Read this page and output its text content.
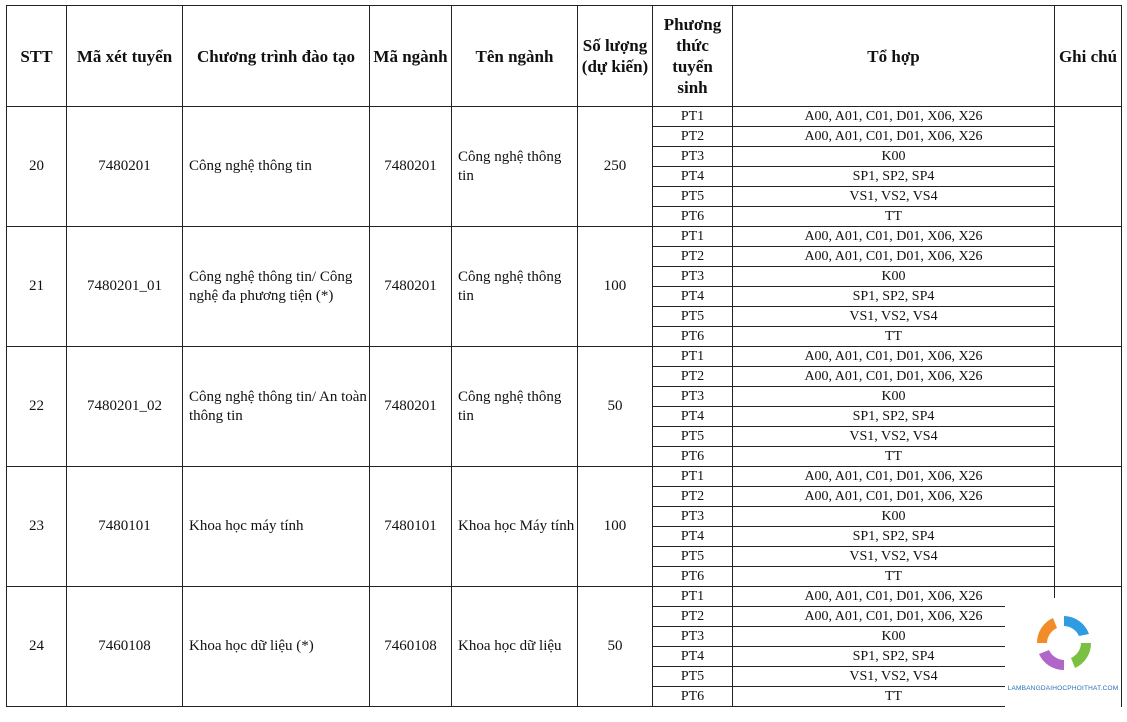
STT	Mã xét tuyển	Chương trình đào tạo	Mã ngành	Tên ngành	Số lượng (dự kiến)	Phương thức tuyển sinh	Tổ hợp	Ghi chú
20	7480201	Công nghệ thông tin	7480201	Công nghệ thông tin	250	PT1	A00, A01, C01, D01, X06, X26	
						PT2	A00, A01, C01, D01, X06, X26	
						PT3	K00	
						PT4	SP1, SP2, SP4	
						PT5	VS1, VS2, VS4	
						PT6	TT	
21	7480201_01	Công nghệ thông tin/ Công nghệ đa phương tiện (*)	7480201	Công nghệ thông tin	100	PT1	A00, A01, C01, D01, X06, X26	
						PT2	A00, A01, C01, D01, X06, X26	
						PT3	K00	
						PT4	SP1, SP2, SP4	
						PT5	VS1, VS2, VS4	
						PT6	TT	
22	7480201_02	Công nghệ thông tin/ An toàn thông tin	7480201	Công nghệ thông tin	50	PT1	A00, A01, C01, D01, X06, X26	
						PT2	A00, A01, C01, D01, X06, X26	
						PT3	K00	
						PT4	SP1, SP2, SP4	
						PT5	VS1, VS2, VS4	
						PT6	TT	
23	7480101	Khoa học máy tính	7480101	Khoa học Máy tính	100	PT1	A00, A01, C01, D01, X06, X26	
						PT2	A00, A01, C01, D01, X06, X26	
						PT3	K00	
						PT4	SP1, SP2, SP4	
						PT5	VS1, VS2, VS4	
						PT6	TT	
24	7460108	Khoa học dữ liệu (*)	7460108	Khoa học dữ liệu	50	PT1	A00, A01, C01, D01, X06, X26	
						PT2	A00, A01, C01, D01, X06, X26	
						PT3	K00	
						PT4	SP1, SP2, SP4	
						PT5	VS1, VS2, VS4	
						PT6	TT	
LAMBANGDAIHOCPHOITHAT.COM
